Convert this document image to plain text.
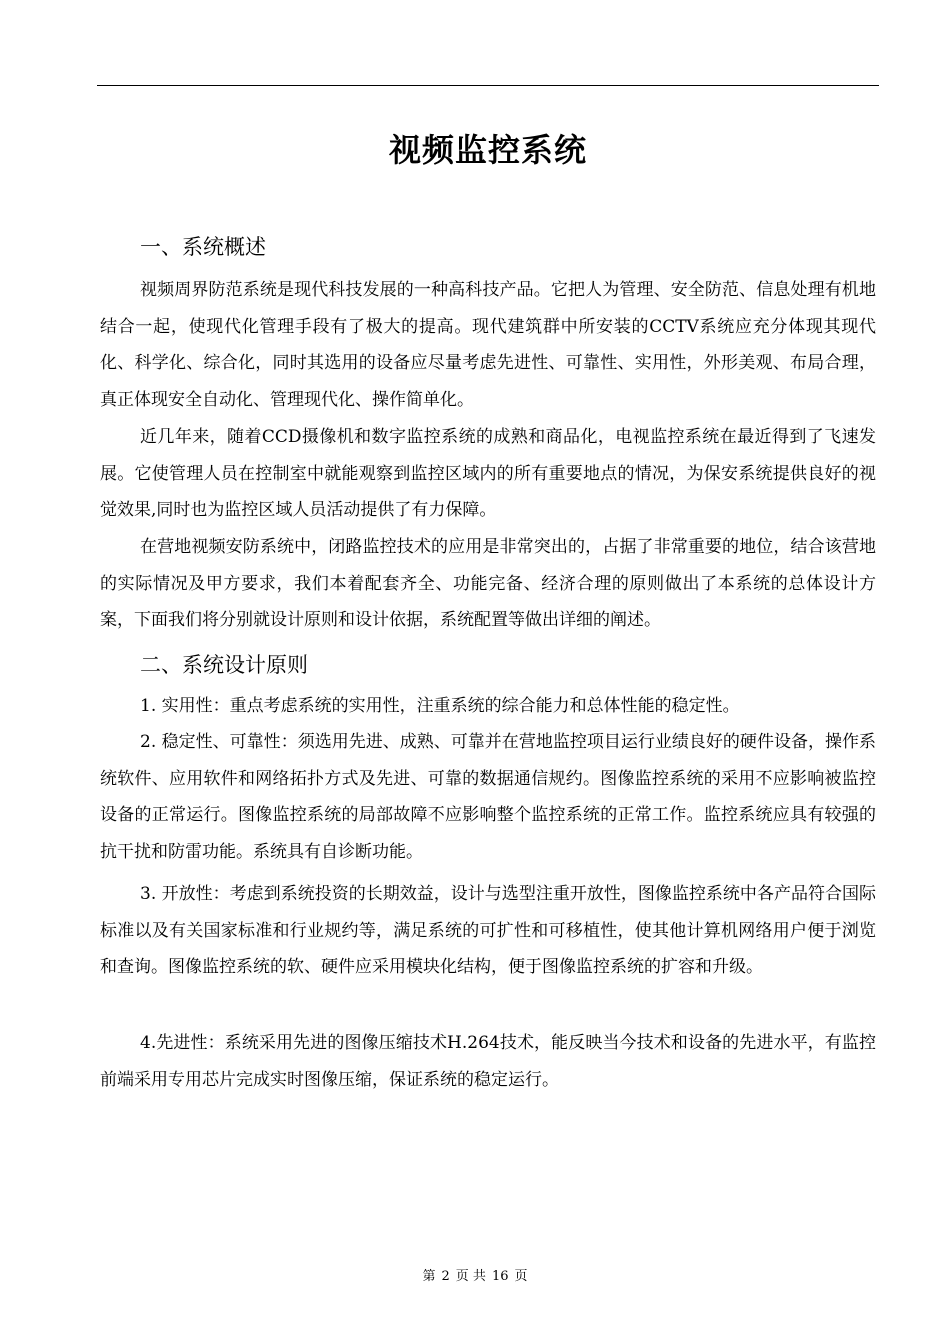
视频监控系统
一、系统概述

视频周界防范系统是现代科技发展的一种高科技产品。它把人为管理、安全防范、信息处理有机地结合一起，使现代化管理手段有了极大的提高。现代建筑群中所安装的CCTV系统应充分体现其现代化、科学化、综合化，同时其选用的设备应尽量考虑先进性、可靠性、实用性，外形美观、布局合理，真正体现安全自动化、管理现代化、操作简单化。

近几年来，随着CCD摄像机和数字监控系统的成熟和商品化，电视监控系统在最近得到了飞速发展。它使管理人员在控制室中就能观察到监控区域内的所有重要地点的情况，为保安系统提供良好的视觉效果,同时也为监控区域人员活动提供了有力保障。

在营地视频安防系统中，闭路监控技术的应用是非常突出的，占据了非常重要的地位，结合该营地的实际情况及甲方要求，我们本着配套齐全、功能完备、经济合理的原则做出了本系统的总体设计方案，下面我们将分别就设计原则和设计依据，系统配置等做出详细的阐述。

二、系统设计原则

1. 实用性：重点考虑系统的实用性，注重系统的综合能力和总体性能的稳定性。

2. 稳定性、可靠性：须选用先进、成熟、可靠并在营地监控项目运行业绩良好的硬件设备，操作系统软件、应用软件和网络拓扑方式及先进、可靠的数据通信规约。图像监控系统的采用不应影响被监控设备的正常运行。图像监控系统的局部故障不应影响整个监控系统的正常工作。监控系统应具有较强的抗干扰和防雷功能。系统具有自诊断功能。

3. 开放性：考虑到系统投资的长期效益，设计与选型注重开放性，图像监控系统中各产品符合国际标准以及有关国家标准和行业规约等，满足系统的可扩性和可移植性，使其他计算机网络用户便于浏览和查询。图像监控系统的软、硬件应采用模块化结构，便于图像监控系统的扩容和升级。

4.先进性：系统采用先进的图像压缩技术H.264技术，能反映当今技术和设备的先进水平，有监控前端采用专用芯片完成实时图像压缩，保证系统的稳定运行。

第 2 页 共 16 页
